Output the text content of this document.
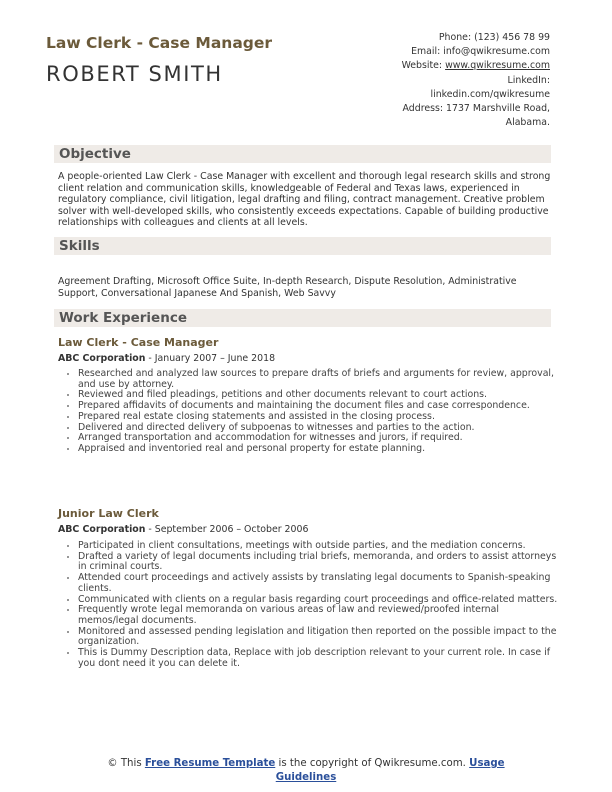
Law Clerk - Case Manager
ROBERT SMITH
Phone: (123) 456 78 99
Email: info@qwikresume.com
Website: www.qwikresume.com
LinkedIn:
linkedin.com/qwikresume
Address: 1737 Marshville Road,
Alabama.
Objective
A people-oriented Law Clerk - Case Manager with excellent and thorough legal research skills and strong client relation and communication skills, knowledgeable of Federal and Texas laws, experienced in regulatory compliance, civil litigation, legal drafting and filing, contract management. Creative problem solver with well-developed skills, who consistently exceeds expectations. Capable of building productive relationships with colleagues and clients at all levels.
Skills
Agreement Drafting, Microsoft Office Suite, In-depth Research, Dispute Resolution, Administrative Support, Conversational Japanese And Spanish, Web Savvy
Work Experience
Law Clerk - Case Manager
ABC Corporation - January 2007 – June 2018
• Researched and analyzed law sources to prepare drafts of briefs and arguments for review, approval, and use by attorney.
• Reviewed and filed pleadings, petitions and other documents relevant to court actions.
• Prepared affidavits of documents and maintaining the document files and case correspondence.
• Prepared real estate closing statements and assisted in the closing process.
• Delivered and directed delivery of subpoenas to witnesses and parties to the action.
• Arranged transportation and accommodation for witnesses and jurors, if required.
• Appraised and inventoried real and personal property for estate planning.
Junior Law Clerk
ABC Corporation - September 2006 – October 2006
• Participated in client consultations, meetings with outside parties, and the mediation concerns.
• Drafted a variety of legal documents including trial briefs, memoranda, and orders to assist attorneys in criminal courts.
• Attended court proceedings and actively assists by translating legal documents to Spanish-speaking clients.
• Communicated with clients on a regular basis regarding court proceedings and office-related matters.
• Frequently wrote legal memoranda on various areas of law and reviewed/proofed internal memos/legal documents.
• Monitored and assessed pending legislation and litigation then reported on the possible impact to the organization.
• This is Dummy Description data, Replace with job description relevant to your current role. In case if you dont need it you can delete it.
© This Free Resume Template is the copyright of Qwikresume.com. Usage
Guidelines
